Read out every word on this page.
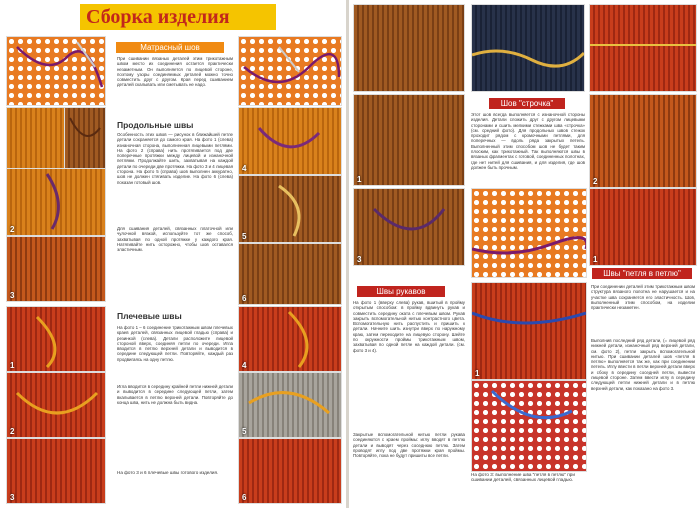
Сборка изделия
Матрасный шов
При сшивании вязаных деталей этим трикотажным швом место их соединения остается практически незаметным. Он выполняется по лицевой стороне, поэтому узоры соединяемых деталей можно точно совместить друг с другом. Края перед сшиванием деталей скалывать или сметывать не надо.
2
3
Продольные швы
Особенность этих швов — рисунок в ближайшей петле детали сохраняется до самого края. На фото 1 (слева) изнаночная сторона, выполненная лицевыми петлями. На фото 2 (справа) нить протягивается под две поперечные протяжки между лицевой и изнаночной петлями. Продолжайте шить, захватывая на каждой детали по очереди две протяжки. На фото 3 и 4 лицевая сторона. На фото 5 (справа) шов выполнен аккуратно, шов не должен стягивать изделие. На фото 6 (слева) показан готовый шов.
Для сшивания деталей, связанных платочной или чулочной вязкой, используйте тот же способ, захватывая по одной протяжке у каждого края. Натягивайте нить осторожно, чтобы шов оставался эластичным.
4
5
6
1
2
3
Плечевые швы
На фото 1 – 6 соединение трикотажным швом плечевых краев деталей, связанных лицевой гладью (справа) и резинкой (слева). Детали расположите лицевой стороной вверх, соединяя петли по очереди. Игла вводится в петлю верхней детали и выводится в середине следующей петли. Повторяйте, каждый раз продвигаясь на одну петлю.
Игла вводится в середину крайней петли нижней детали и выводится в середине следующей петли, затем вкалывается в петлю верхней детали. Повторяйте до конца шва, нить не должна быть видна.
На фото 3 и 6 плечевые швы готового изделия.
4
5
6
1
Шов "строчка"
Этот шов всегда выполняется с изнаночной стороны изделия. Детали сложить друг с другом лицевыми сторонами и сшить мелкими стежками шва «строчка» (см. средний фото). Для продольных швов стежок проходит рядом с кромочными петлями, для поперечных — вдоль ряда закрытых петель. Выполненный этим способом шов не будет таким плоским, как трикотажный. Так выполняются швы в вязаных фрагментах с готовой, соединенных полотнах, где нет нитей для сшивания, и для изделия, где шов должен быть прочным.
2
3	1
Швы рукавов
На фото 1 (вверху слева) рукав, вшитый в пройму открытым способом: в пройму вдвинуть рукав и совместить середину оката с плечевым швом. Рукав закрыть вспомогательной нитью контрастного цвета. Вспомогательную нить распустить и пришить к детали. Начните шить изнутри вверх по наружному краю, затем переходите на лицевую сторону. Шейте по окружности проймы трикотажным швом, захватывая по одной петле на каждой детали. (см. фото 3 и 4).
Закрытые вспомогательной нитью петли рукава соединяются с краем проймы: иглу вводят в петлю детали и выводят через соседнюю петлю. Затем проводят иглу под две протяжки края проймы. Повторяйте, пока не будут пришиты все петли.
1
На фото 3: выполнение шва "петля в петлю" при сшивании деталей, связанных лицевой гладью.
Швы "петля в петлю"
При соединении деталей этим трикотажным швом структура вязаного полотна не нарушается и на участке шва сохраняется его эластичность. Шов, выполненный этим способом, на изделии практически незаметен.
Выполнив последний ряд детали, (= лицевой ряд нижней детали, изнаночный ряд верхней детали, см. фото 2), петли закрыть вспомогательной нитью. При сшивании деталей шов «петля в петлю» выполняется так же, как при соединении петель. Иглу ввести в петли верхней детали вверх и сбоку в середину соседней петли, вывести лицевой стороне. Затем ввести иглу в середину следующей петли нижней детали и в петлю верхней детали, как показано на фото 3.
